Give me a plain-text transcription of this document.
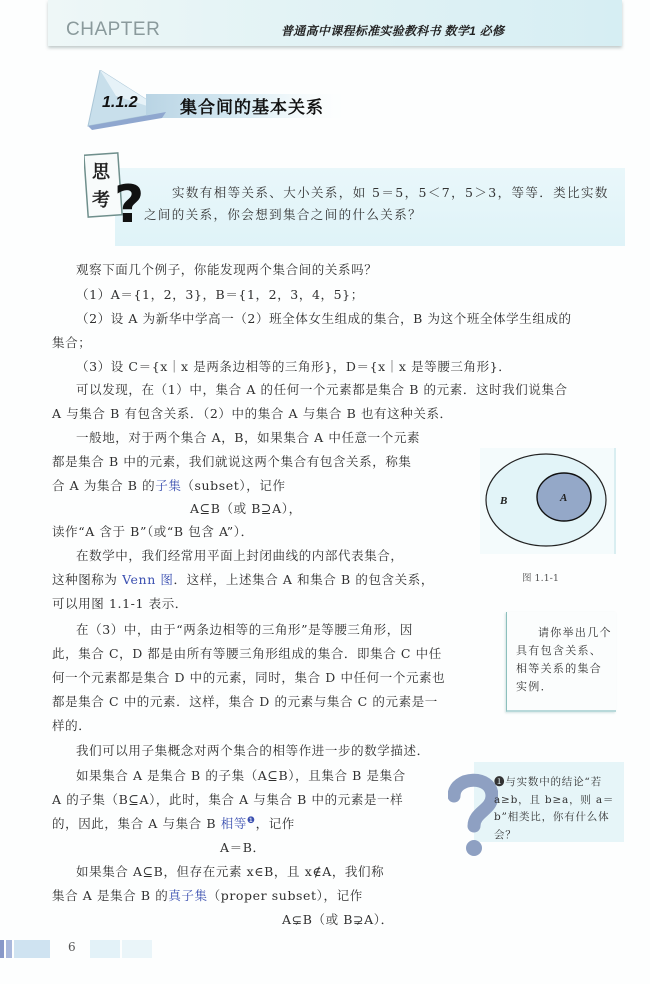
CHAPTER	普通高中课程标准实验教科书 数学1 必修
1.1.2 集合间的基本关系
思
考 ? 实数有相等关系、大小关系，如 5＝5，5＜7，5＞3，等等．类比实数
之间的关系，你会想到集合之间的什么关系？
观察下面几个例子，你能发现两个集合间的关系吗？
（1）A＝{1，2，3}，B＝{1，2，3，4，5}；
（2）设 A 为新华中学高一（2）班全体女生组成的集合，B 为这个班全体学生组成的
集合；
（3）设 C＝{x｜x 是两条边相等的三角形}，D＝{x｜x 是等腰三角形}．
可以发现，在（1）中，集合 A 的任何一个元素都是集合 B 的元素．这时我们说集合
A 与集合 B 有包含关系．（2）中的集合 A 与集合 B 也有这种关系．
一般地，对于两个集合 A，B，如果集合 A 中任意一个元素
都是集合 B 中的元素，我们就说这两个集合有包含关系，称集
合 A 为集合 B 的子集（subset），记作
A⊆B（或 B⊇A），
读作“A 含于 B”（或“B 包含 A”）．
在数学中，我们经常用平面上封闭曲线的内部代表集合，
这种图称为 Venn 图．这样，上述集合 A 和集合 B 的包含关系，
可以用图 1.1-1 表示．
在（3）中，由于“两条边相等的三角形”是等腰三角形，因
此，集合 C，D 都是由所有等腰三角形组成的集合．即集合 C 中任
何一个元素都是集合 D 中的元素，同时，集合 D 中任何一个元素也
都是集合 C 中的元素．这样，集合 D 的元素与集合 C 的元素是一
样的．
我们可以用子集概念对两个集合的相等作进一步的数学描述．
如果集合 A 是集合 B 的子集（A⊆B），且集合 B 是集合
A 的子集（B⊆A），此时，集合 A 与集合 B 中的元素是一样
的，因此，集合 A 与集合 B 相等$^❶$，记作
A＝B．
如果集合 A⊆B，但存在元素 x∈B，且 x∉A，我们称
集合 A 是集合 B 的真子集（proper subset），记作
A⊊B（或 B⊋A）．
B	A
图 1.1-1
请你举出几个具有包含关系、相等关系的集合实例．
❶与实数中的结论“若 a≥b，且 b≥a，则 a＝b”相类比，你有什么体会？
6
